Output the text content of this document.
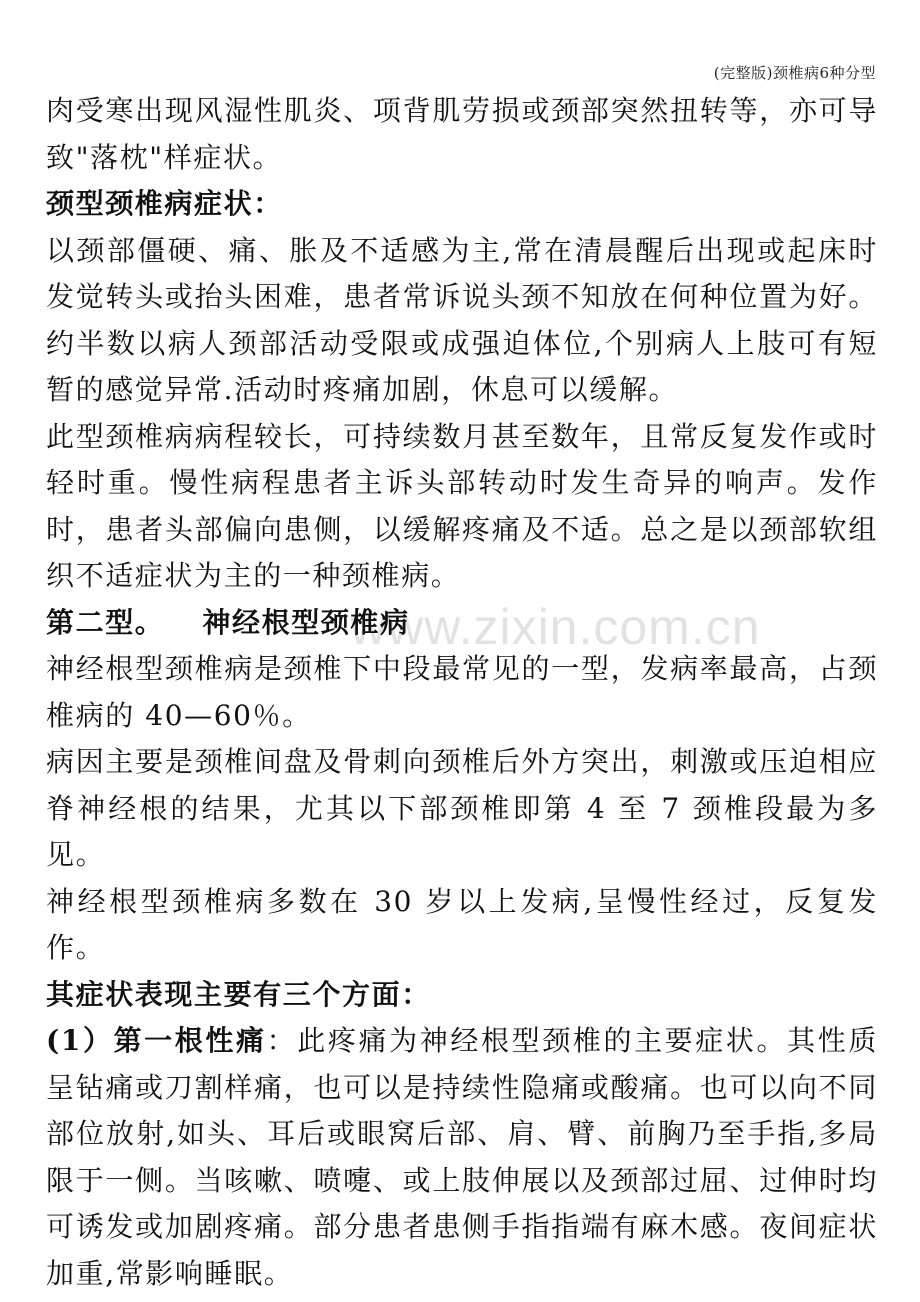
(完整版)颈椎病6种分型
www.zixin.com.cn

肉受寒出现风湿性肌炎、项背肌劳损或颈部突然扭转等，亦可导致"落枕"样症状。

颈型颈椎病症状：

以颈部僵硬、痛、胀及不适感为主,常在清晨醒后出现或起床时发觉转头或抬头困难，患者常诉说头颈不知放在何种位置为好。约半数以病人颈部活动受限或成强迫体位,个别病人上肢可有短暂的感觉异常.活动时疼痛加剧，休息可以缓解。

此型颈椎病病程较长，可持续数月甚至数年，且常反复发作或时轻时重。慢性病程患者主诉头部转动时发生奇异的响声。发作时，患者头部偏向患侧，以缓解疼痛及不适。总之是以颈部软组织不适症状为主的一种颈椎病。

第二型。 神经根型颈椎病

神经根型颈椎病是颈椎下中段最常见的一型，发病率最高，占颈椎病的 40—60％。

病因主要是颈椎间盘及骨刺向颈椎后外方突出，刺激或压迫相应脊神经根的结果，尤其以下部颈椎即第 4 至 7 颈椎段最为多见。

神经根型颈椎病多数在 30 岁以上发病,呈慢性经过，反复发作。

其症状表现主要有三个方面：

(1）第一根性痛：此疼痛为神经根型颈椎的主要症状。其性质呈钻痛或刀割样痛，也可以是持续性隐痛或酸痛。也可以向不同部位放射,如头、耳后或眼窝后部、肩、臂、前胸乃至手指,多局限于一侧。当咳嗽、喷嚏、或上肢伸展以及颈部过屈、过伸时均可诱发或加剧疼痛。部分患者患侧手指指端有麻木感。夜间症状加重,常影响睡眠。
